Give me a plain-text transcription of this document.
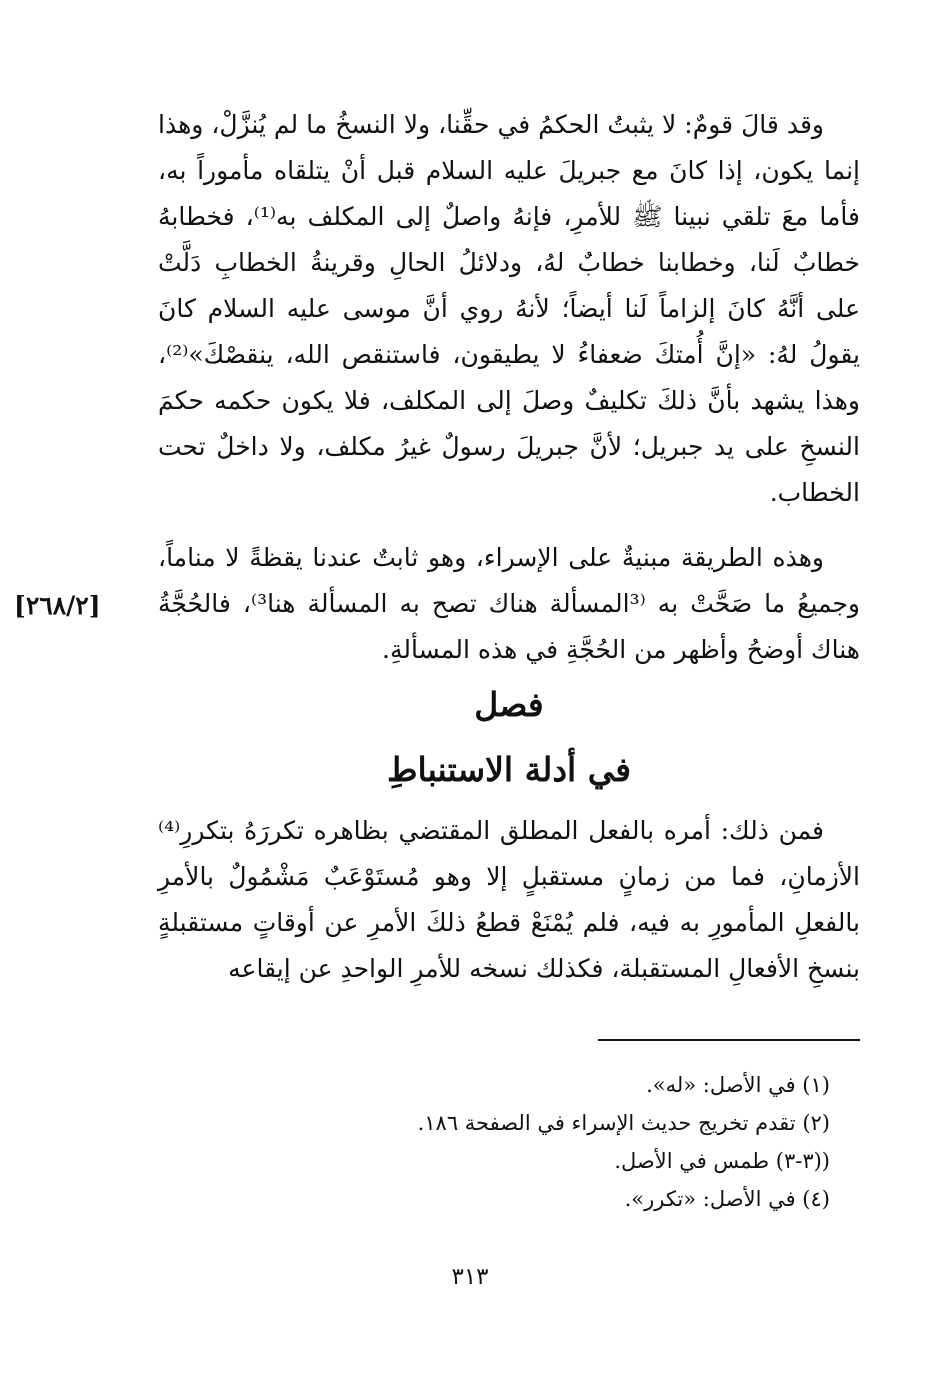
وقد قالَ قومٌ: لا يثبتُ الحكمُ في حقِّنا، ولا النسخُ ما لم يُنزَّلْ، وهذا إنما يكون، إذا كانَ مع جبريلَ عليه السلام قبل أنْ يتلقاه مأموراً به، فأما معَ تلقي نبينا ﷺ للأمرِ، فإنهُ واصلٌ إلى المكلف به⁽¹⁾، فخطابهُ خطابٌ لَنا، وخطابنا خطابٌ لهُ، ودلائلُ الحالِ وقرينةُ الخطابِ دَلَّتْ على أنَّهُ كانَ إلزاماً لَنا أيضاً؛ لأنهُ روي أنَّ موسى عليه السلام كانَ يقولُ لهُ: «إنَّ أُمتكَ ضعفاءُ لا يطيقون، فاستنقص الله، ينقصْكَ»⁽²⁾، وهذا يشهد بأنَّ ذلكَ تكليفٌ وصلَ إلى المكلف، فلا يكون حكمه حكمَ النسخِ على يد جبريل؛ لأنَّ جبريلَ رسولٌ غيرُ مكلف، ولا داخلٌ تحت الخطاب.

وهذه الطريقة مبنيةٌ على الإسراء، وهو ثابتٌ عندنا يقظةً لا مناماً، وجميعُ ما صَحَّتْ به ⁽³المسألة هناك تصح به المسألة هنا³⁾، فالحُجَّةُ هناك أوضحُ وأظهر من الحُجَّةِ في هذه المسألةِ.

[٢٦٨/٢]
فصل
في أدلة الاستنباطِ

فمن ذلك: أمره بالفعل المطلق المقتضي بظاهره تكررَهُ بتكررِ⁽⁴⁾ الأزمانِ، فما من زمانٍ مستقبلٍ إلا وهو مُستَوْعَبٌ مَشْمُولٌ بالأمرِ بالفعلِ المأمورِ به فيه، فلم يُمْنَعْ قطعُ ذلكَ الأمرِ عن أوقاتٍ مستقبلةٍ بنسخِ الأفعالِ المستقبلة، فكذلك نسخه للأمرِ الواحدِ عن إيقاعه

(١) في الأصل: «له».
(٢) تقدم تخريج حديث الإسراء في الصفحة ١٨٦.
((٣-٣) طمس في الأصل.
(٤) في الأصل: «تكرر».
٣١٣
